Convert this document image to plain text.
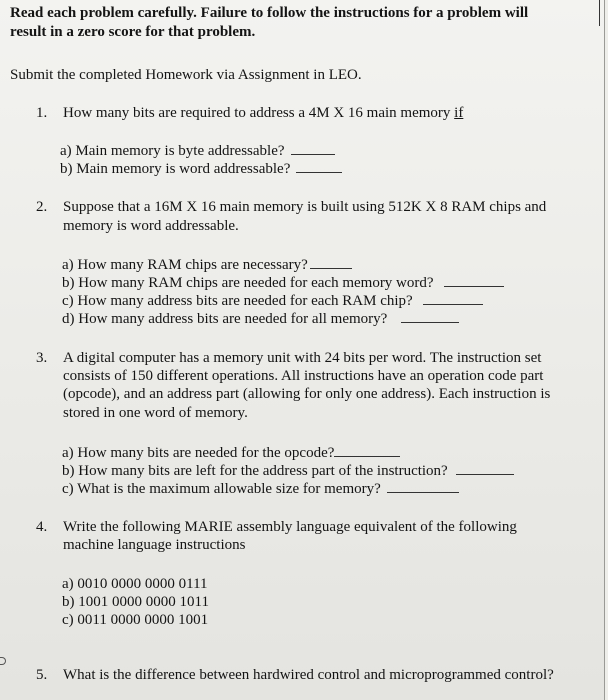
Read each problem carefully. Failure to follow the instructions for a problem will
result in a zero score for that problem.
Submit the completed Homework via Assignment in LEO.
1. How many bits are required to address a 4M X 16 main memory if
a) Main memory is byte addressable?
b) Main memory is word addressable?
2. Suppose that a 16M X 16 main memory is built using 512K X 8 RAM chips and
memory is word addressable.
a) How many RAM chips are necessary?
b) How many RAM chips are needed for each memory word?
c) How many address bits are needed for each RAM chip?
d) How many address bits are needed for all memory?
3. A digital computer has a memory unit with 24 bits per word. The instruction set
consists of 150 different operations. All instructions have an operation code part
(opcode), and an address part (allowing for only one address). Each instruction is
stored in one word of memory.
a) How many bits are needed for the opcode?
b) How many bits are left for the address part of the instruction?
c) What is the maximum allowable size for memory?
4. Write the following MARIE assembly language equivalent of the following
machine language instructions
a) 0010 0000 0000 0111
b) 1001 0000 0000 1011
c) 0011 0000 0000 1001
5. What is the difference between hardwired control and microprogrammed control?
